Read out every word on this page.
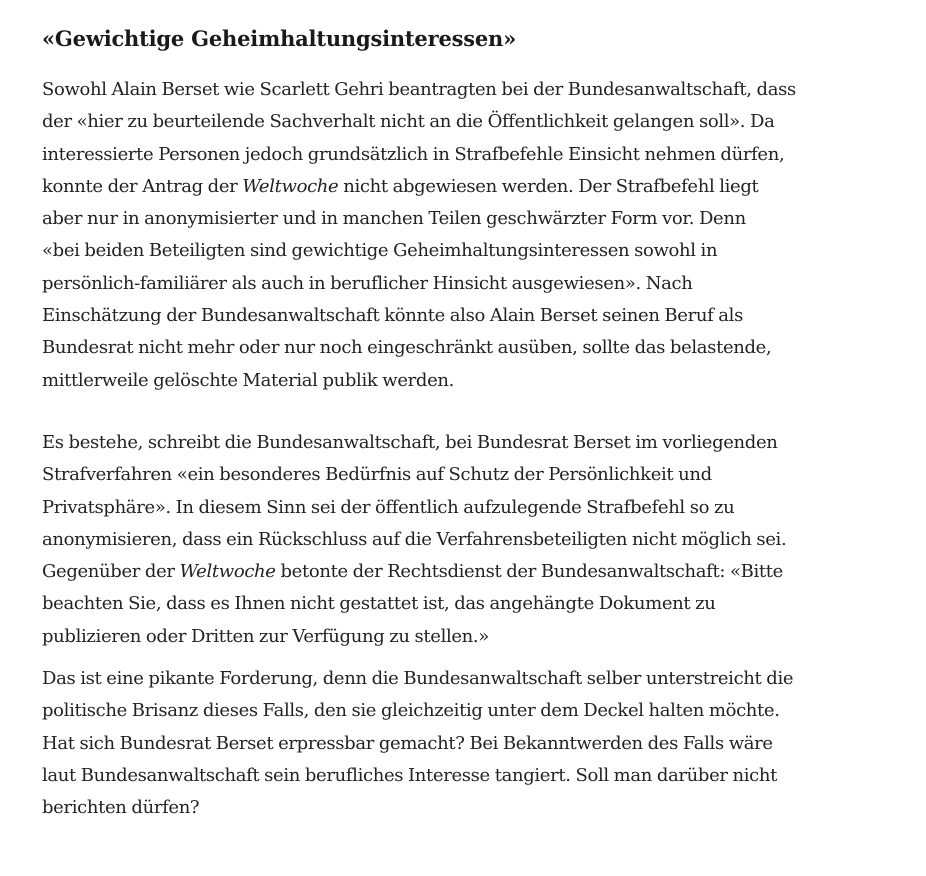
«Gewichtige Geheimhaltungsinteressen»

Sowohl Alain Berset wie Scarlett Gehri beantragten bei der Bundesanwaltschaft, dass
der «hier zu beurteilende Sachverhalt nicht an die Öffentlichkeit gelangen soll». Da
interessierte Personen jedoch grundsätzlich in Strafbefehle Einsicht nehmen dürfen,
konnte der Antrag der Weltwoche nicht abgewiesen werden. Der Strafbefehl liegt
aber nur in anonymisierter und in manchen Teilen geschwärzter Form vor. Denn
«bei beiden Beteiligten sind gewichtige Geheimhaltungsinteressen sowohl in
persönlich-familiärer als auch in beruflicher Hinsicht ausgewiesen». Nach
Einschätzung der Bundesanwaltschaft könnte also Alain Berset seinen Beruf als
Bundesrat nicht mehr oder nur noch eingeschränkt ausüben, sollte das belastende,
mittlerweile gelöschte Material publik werden.

Es bestehe, schreibt die Bundesanwaltschaft, bei Bundesrat Berset im vorliegenden
Strafverfahren «ein besonderes Bedürfnis auf Schutz der Persönlichkeit und
Privatsphäre». In diesem Sinn sei der öffentlich aufzulegende Strafbefehl so zu
anonymisieren, dass ein Rückschluss auf die Verfahrensbeteiligten nicht möglich sei.
Gegenüber der Weltwoche betonte der Rechtsdienst der Bundesanwaltschaft: «Bitte
beachten Sie, dass es Ihnen nicht gestattet ist, das angehängte Dokument zu
publizieren oder Dritten zur Verfügung zu stellen.»

Das ist eine pikante Forderung, denn die Bundesanwaltschaft selber unterstreicht die
politische Brisanz dieses Falls, den sie gleichzeitig unter dem Deckel halten möchte.
Hat sich Bundesrat Berset erpressbar gemacht? Bei Bekanntwerden des Falls wäre
laut Bundesanwaltschaft sein berufliches Interesse tangiert. Soll man darüber nicht
berichten dürfen?
